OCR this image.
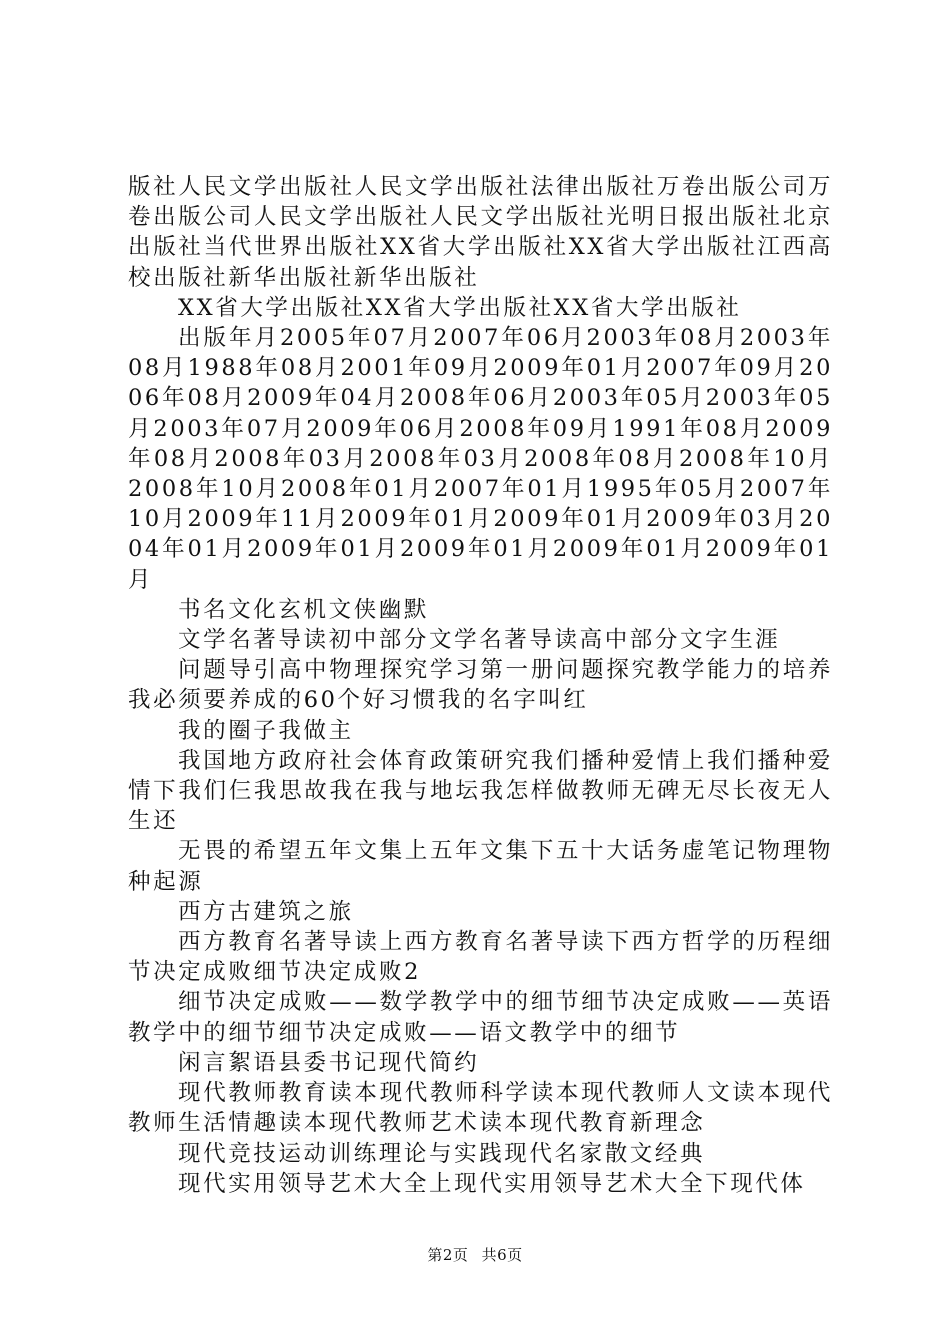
版社人民文学出版社人民文学出版社法律出版社万卷出版公司万卷出版公司人民文学出版社人民文学出版社光明日报出版社北京出版社当代世界出版社XX省大学出版社XX省大学出版社江西高校出版社新华出版社新华出版社

XX省大学出版社XX省大学出版社XX省大学出版社

出版年月2005年07月2007年06月2003年08月2003年08月1988年08月2001年09月2009年01月2007年09月2006年08月2009年04月2008年06月2003年05月2003年05月2003年07月2009年06月2008年09月1991年08月2009年08月2008年03月2008年03月2008年08月2008年10月2008年10月2008年01月2007年01月1995年05月2007年10月2009年11月2009年01月2009年01月2009年03月2004年01月2009年01月2009年01月2009年01月2009年01月

书名文化玄机文侠幽默

文学名著导读初中部分文学名著导读高中部分文字生涯

问题导引高中物理探究学习第一册问题探究教学能力的培养我必须要养成的60个好习惯我的名字叫红

我的圈子我做主

我国地方政府社会体育政策研究我们播种爱情上我们播种爱情下我们仨我思故我在我与地坛我怎样做教师无碑无尽长夜无人生还

无畏的希望五年文集上五年文集下五十大话务虚笔记物理物种起源

西方古建筑之旅

西方教育名著导读上西方教育名著导读下西方哲学的历程细节决定成败细节决定成败2

细节决定成败——数学教学中的细节细节决定成败——英语教学中的细节细节决定成败——语文教学中的细节

闲言絮语县委书记现代简约

现代教师教育读本现代教师科学读本现代教师人文读本现代教师生活情趣读本现代教师艺术读本现代教育新理念

现代竞技运动训练理论与实践现代名家散文经典

现代实用领导艺术大全上现代实用领导艺术大全下现代体

第2页 共6页
